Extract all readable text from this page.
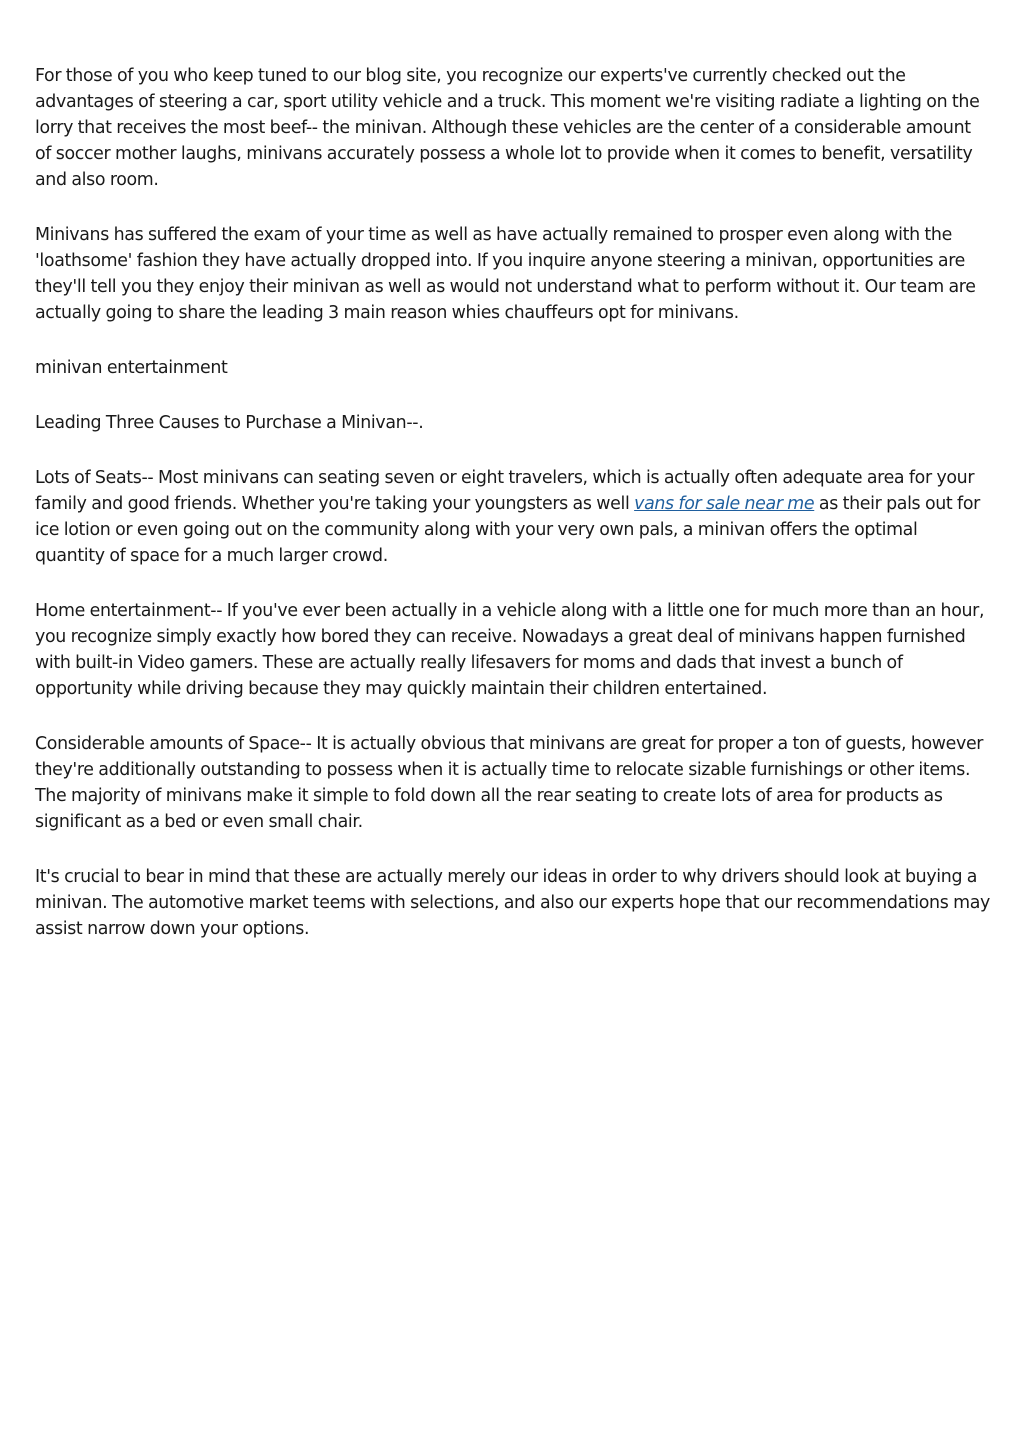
For those of you who keep tuned to our blog site, you recognize our experts've currently checked out the advantages of steering a car, sport utility vehicle and a truck. This moment we're visiting radiate a lighting on the lorry that receives the most beef-- the minivan. Although these vehicles are the center of a considerable amount of soccer mother laughs, minivans accurately possess a whole lot to provide when it comes to benefit, versatility and also room.

Minivans has suffered the exam of your time as well as have actually remained to prosper even along with the 'loathsome' fashion they have actually dropped into. If you inquire anyone steering a minivan, opportunities are they'll tell you they enjoy their minivan as well as would not understand what to perform without it. Our team are actually going to share the leading 3 main reason whies chauffeurs opt for minivans.

minivan entertainment

Leading Three Causes to Purchase a Minivan--.

Lots of Seats-- Most minivans can seating seven or eight travelers, which is actually often adequate area for your family and good friends. Whether you're taking your youngsters as well vans for sale near me as their pals out for ice lotion or even going out on the community along with your very own pals, a minivan offers the optimal quantity of space for a much larger crowd.

Home entertainment-- If you've ever been actually in a vehicle along with a little one for much more than an hour, you recognize simply exactly how bored they can receive. Nowadays a great deal of minivans happen furnished with built-in Video gamers. These are actually really lifesavers for moms and dads that invest a bunch of opportunity while driving because they may quickly maintain their children entertained.

Considerable amounts of Space-- It is actually obvious that minivans are great for proper a ton of guests, however they're additionally outstanding to possess when it is actually time to relocate sizable furnishings or other items. The majority of minivans make it simple to fold down all the rear seating to create lots of area for products as significant as a bed or even small chair.

It's crucial to bear in mind that these are actually merely our ideas in order to why drivers should look at buying a minivan. The automotive market teems with selections, and also our experts hope that our recommendations may assist narrow down your options.
